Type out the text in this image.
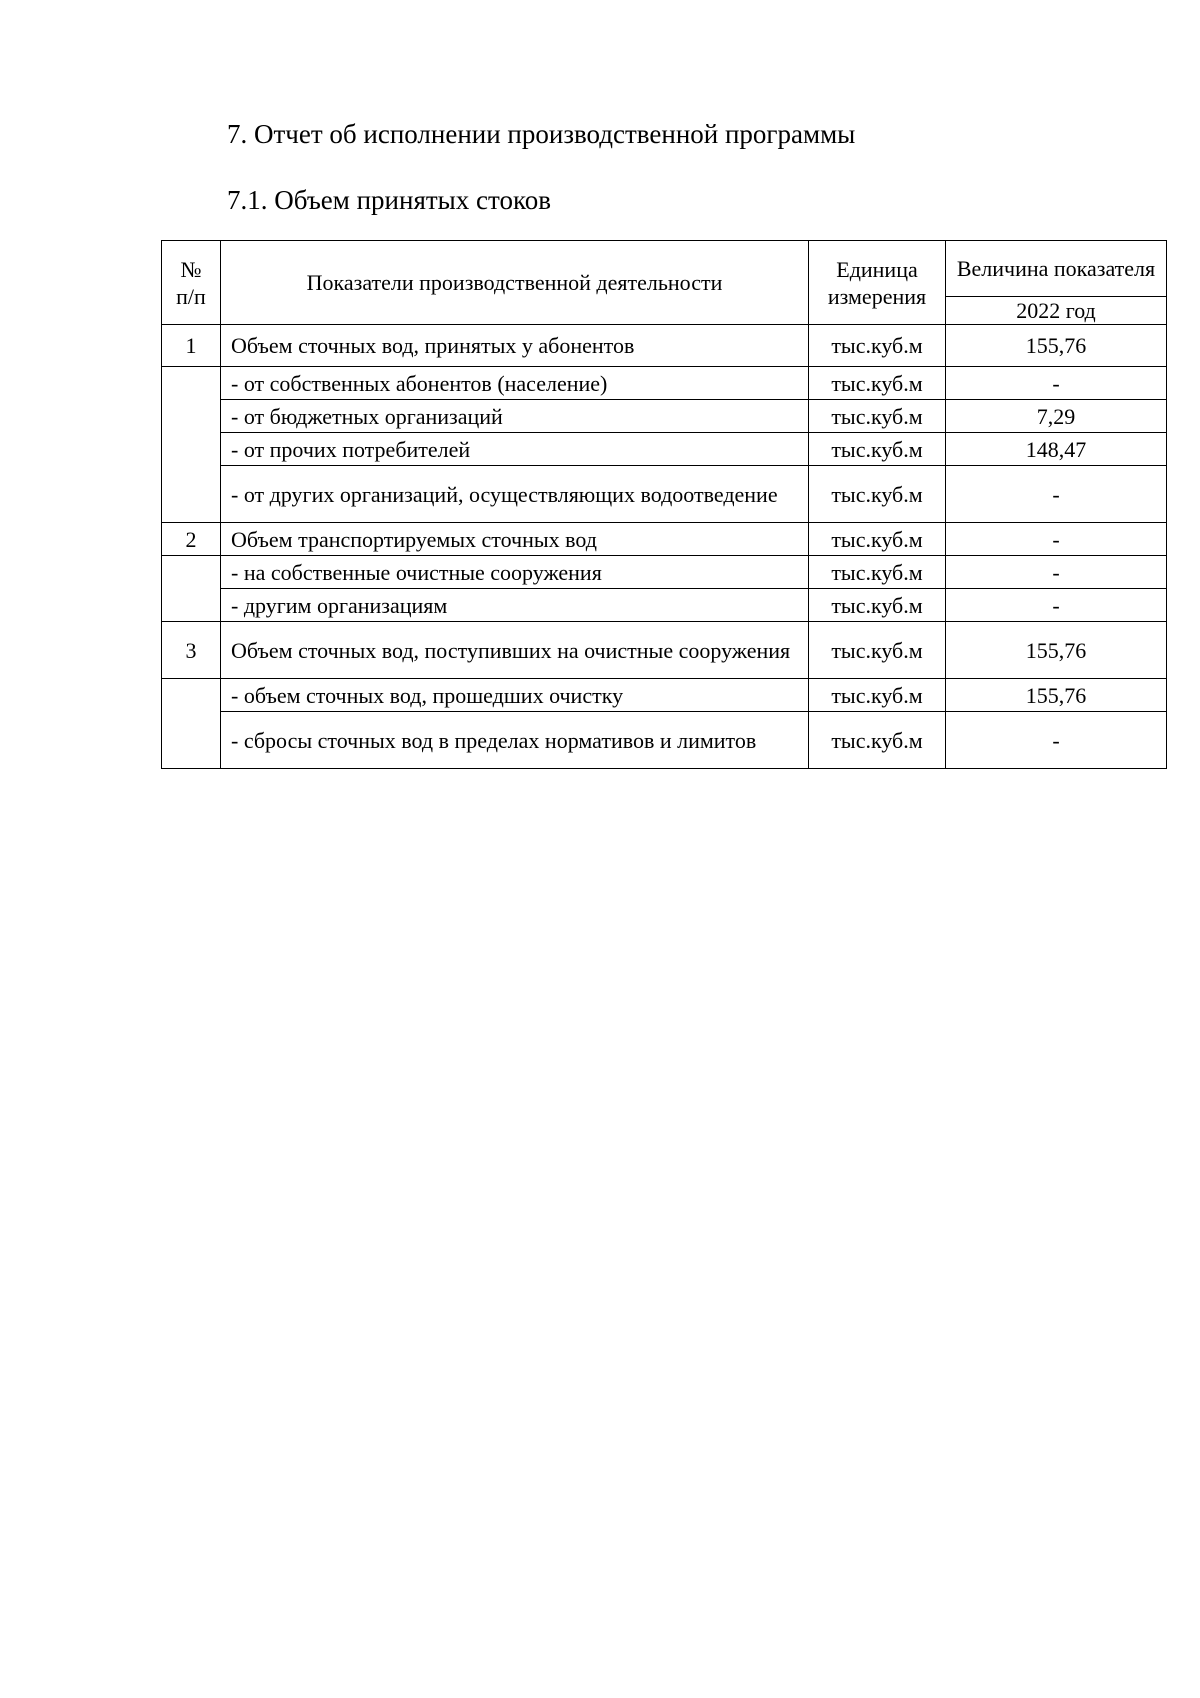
7. Отчет об исполнении производственной программы
7.1. Объем принятых стоков
№ п/п	Показатели производственной деятельности	Единица измерения	Величина показателя
			2022 год
1	Объем сточных вод, принятых у абонентов	тыс.куб.м	155,76
	- от собственных абонентов (население)	тыс.куб.м	-
	- от бюджетных организаций	тыс.куб.м	7,29
	- от прочих потребителей	тыс.куб.м	148,47
	- от других организаций, осуществляющих водоотведение	тыс.куб.м	-
2	Объем транспортируемых сточных вод	тыс.куб.м	-
	- на собственные очистные сооружения	тыс.куб.м	-
	- другим организациям	тыс.куб.м	-
3	Объем сточных вод, поступивших на очистные сооружения	тыс.куб.м	155,76
	- объем сточных вод, прошедших очистку	тыс.куб.м	155,76
	- сбросы сточных вод в пределах нормативов и лимитов	тыс.куб.м	-
